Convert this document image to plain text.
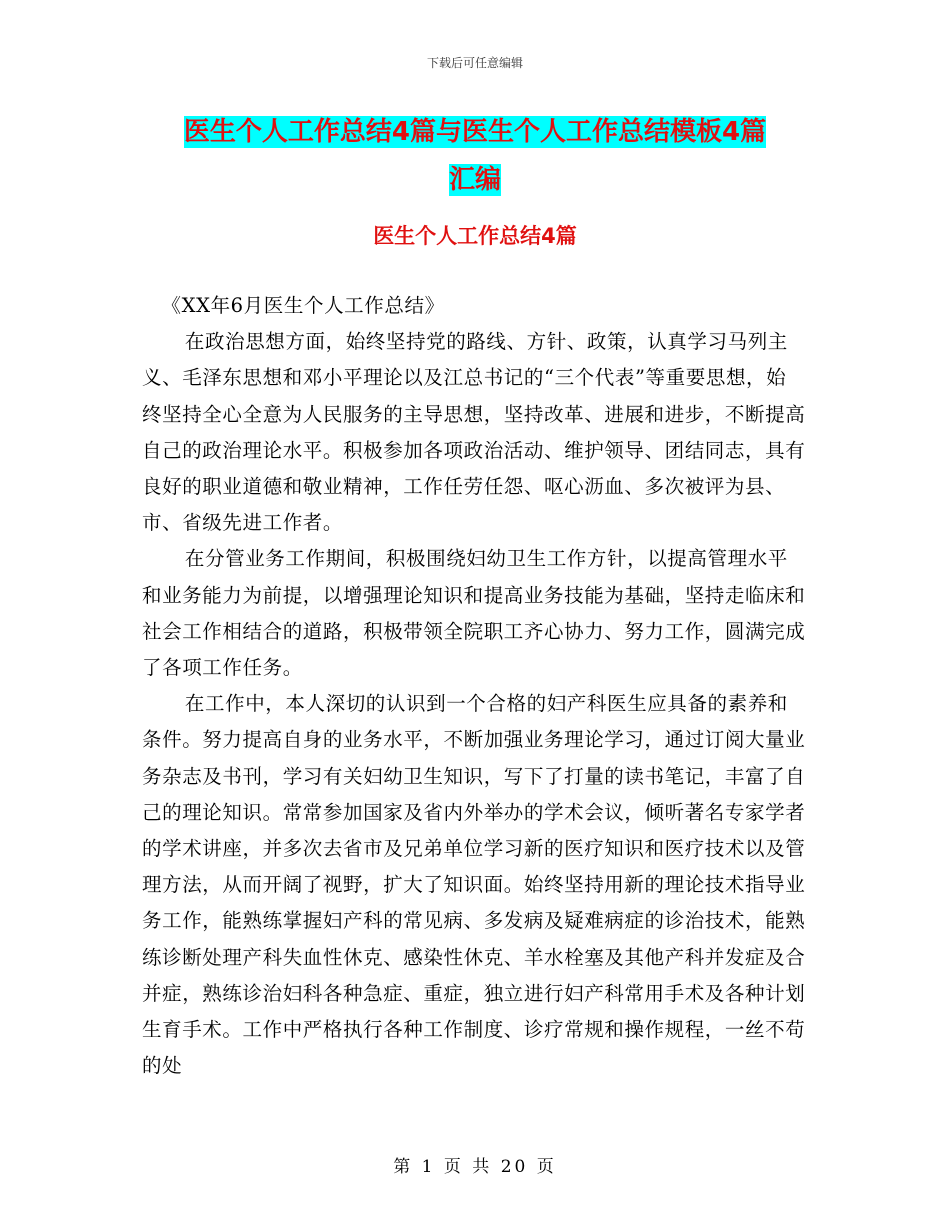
下载后可任意编辑
医生个人工作总结4篇与医生个人工作总结模板4篇
汇编
医生个人工作总结4篇

《XX年6月医生个人工作总结》

在政治思想方面，始终坚持党的路线、方针、政策，认真学习马列主义、毛泽东思想和邓小平理论以及江总书记的“三个代表”等重要思想，始终坚持全心全意为人民服务的主导思想，坚持改革、进展和进步，不断提高自己的政治理论水平。积极参加各项政治活动、维护领导、团结同志，具有良好的职业道德和敬业精神，工作任劳任怨、呕心沥血、多次被评为县、市、省级先进工作者。

在分管业务工作期间，积极围绕妇幼卫生工作方针，以提高管理水平和业务能力为前提，以增强理论知识和提高业务技能为基础，坚持走临床和社会工作相结合的道路，积极带领全院职工齐心协力、努力工作，圆满完成了各项工作任务。

在工作中，本人深切的认识到一个合格的妇产科医生应具备的素养和条件。努力提高自身的业务水平，不断加强业务理论学习，通过订阅大量业务杂志及书刊，学习有关妇幼卫生知识，写下了打量的读书笔记，丰富了自己的理论知识。常常参加国家及省内外举办的学术会议，倾听著名专家学者的学术讲座，并多次去省市及兄弟单位学习新的医疗知识和医疗技术以及管理方法，从而开阔了视野，扩大了知识面。始终坚持用新的理论技术指导业务工作，能熟练掌握妇产科的常见病、多发病及疑难病症的诊治技术，能熟练诊断处理产科失血性休克、感染性休克、羊水栓塞及其他产科并发症及合并症，熟练诊治妇科各种急症、重症，独立进行妇产科常用手术及各种计划生育手术。工作中严格执行各种工作制度、诊疗常规和操作规程，一丝不苟的处

第 1 页 共 20 页
